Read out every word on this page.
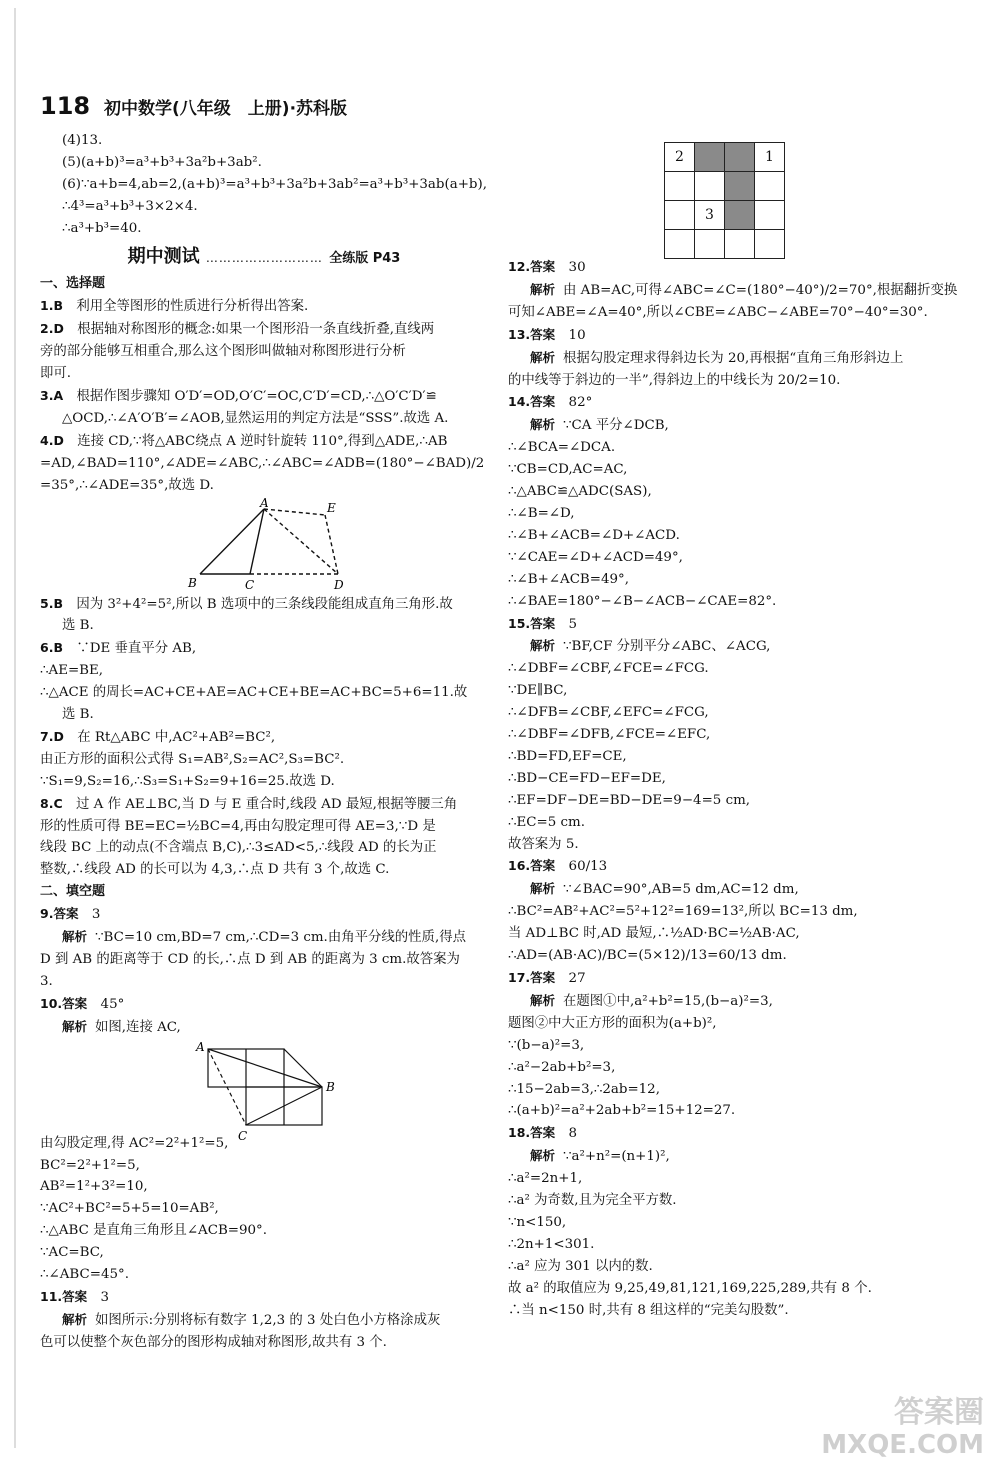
118 初中数学(八年级　上册)·苏科版
(4)13.
(5)(a+b)³=a³+b³+3a²b+3ab².
(6)∵a+b=4,ab=2,(a+b)³=a³+b³+3a²b+3ab²=a³+b³+3ab(a+b),
∴4³=a³+b³+3×2×4.
∴a³+b³=40.
期中测试 ……………………… 全练版 P43
一、选择题
1.B　 利用全等图形的性质进行分析得出答案.
2.D　 根据轴对称图形的概念:如果一个图形沿一条直线折叠,直线两
旁的部分能够互相重合,那么这个图形叫做轴对称图形进行分析
即可.
3.A　 根据作图步骤知 O′D′=OD,O′C′=OC,C′D′=CD,∴△O′C′D′≌
△OCD,∴∠A′O′B′=∠AOB,显然运用的判定方法是“SSS”.故选 A.
4.D　 连接 CD,∵将△ABC绕点 A 逆时针旋转 110°,得到△ADE,∴AB
=AD,∠BAD=110°,∠ADE=∠ABC,∴∠ABC=∠ADB=(180°−∠BAD)/2
=35°,∴∠ADE=35°,故选 D.
A	E
B	C	D
5.B　 因为 3²+4²=5²,所以 B 选项中的三条线段能组成直角三角形.故
选 B.
6.B　 ∵DE 垂直平分 AB,
∴AE=BE,
∴△ACE 的周长=AC+CE+AE=AC+CE+BE=AC+BC=5+6=11.故
选 B.
7.D　 在 Rt△ABC 中,AC²+AB²=BC²,
由正方形的面积公式得 S₁=AB²,S₂=AC²,S₃=BC².
∵S₁=9,S₂=16,∴S₃=S₁+S₂=9+16=25.故选 D.
8.C　 过 A 作 AE⊥BC,当 D 与 E 重合时,线段 AD 最短,根据等腰三角
形的性质可得 BE=EC=½BC=4,再由勾股定理可得 AE=3,∵D 是
线段 BC 上的动点(不含端点 B,C),∴3≤AD<5,∴线段 AD 的长为正
整数,∴线段 AD 的长可以为 4,3,∴点 D 共有 3 个,故选 C.
二、填空题
9.答案　 3
解析 ∵BC=10 cm,BD=7 cm,∴CD=3 cm.由角平分线的性质,得点
D 到 AB 的距离等于 CD 的长,∴点 D 到 AB 的距离为 3 cm.故答案为
3.
10.答案　 45°
解析 如图,连接 AC,
A
B
C
由勾股定理,得 AC²=2²+1²=5,
BC²=2²+1²=5,
AB²=1²+3²=10,
∵AC²+BC²=5+5=10=AB²,
∴△ABC 是直角三角形且∠ACB=90°.
∵AC=BC,
∴∠ABC=45°.
11.答案　 3
解析 如图所示:分别将标有数字 1,2,3 的 3 处白色小方格涂成灰
色可以使整个灰色部分的图形构成轴对称图形,故共有 3 个.
2			1

	3		

12.答案　 30
解析 由 AB=AC,可得∠ABC=∠C=(180°−40°)/2=70°,根据翻折变换
可知∠ABE=∠A=40°,所以∠CBE=∠ABC−∠ABE=70°−40°=30°.
13.答案　 10
解析 根据勾股定理求得斜边长为 20,再根据“直角三角形斜边上
的中线等于斜边的一半”,得斜边上的中线长为 20/2=10.
14.答案　 82°
解析 ∵CA 平分∠DCB,
∴∠BCA=∠DCA.
∵CB=CD,AC=AC,
∴△ABC≌△ADC(SAS),
∴∠B=∠D,
∴∠B+∠ACB=∠D+∠ACD.
∵∠CAE=∠D+∠ACD=49°,
∴∠B+∠ACB=49°,
∴∠BAE=180°−∠B−∠ACB−∠CAE=82°.
15.答案　 5
解析 ∵BF,CF 分别平分∠ABC、∠ACG,
∴∠DBF=∠CBF,∠FCE=∠FCG.
∵DE∥BC,
∴∠DFB=∠CBF,∠EFC=∠FCG,
∴∠DBF=∠DFB,∠FCE=∠EFC,
∴BD=FD,EF=CE,
∴BD−CE=FD−EF=DE,
∴EF=DF−DE=BD−DE=9−4=5 cm,
∴EC=5 cm.
故答案为 5.
16.答案　 60/13
解析 ∵∠BAC=90°,AB=5 dm,AC=12 dm,
∴BC²=AB²+AC²=5²+12²=169=13²,所以 BC=13 dm,
当 AD⊥BC 时,AD 最短,∴½AD·BC=½AB·AC,
∴AD=(AB·AC)/BC=(5×12)/13=60/13 dm.
17.答案　 27
解析 在题图①中,a²+b²=15,(b−a)²=3,
题图②中大正方形的面积为(a+b)²,
∵(b−a)²=3,
∴a²−2ab+b²=3,
∴15−2ab=3,∴2ab=12,
∴(a+b)²=a²+2ab+b²=15+12=27.
18.答案　 8
解析 ∵a²+n²=(n+1)²,
∴a²=2n+1,
∴a² 为奇数,且为完全平方数.
∵n<150,
∴2n+1<301.
∴a² 应为 301 以内的数.
故 a² 的取值应为 9,25,49,81,121,169,225,289,共有 8 个.
∴当 n<150 时,共有 8 组这样的“完美勾股数”.
答案圈
MXQE.COM
